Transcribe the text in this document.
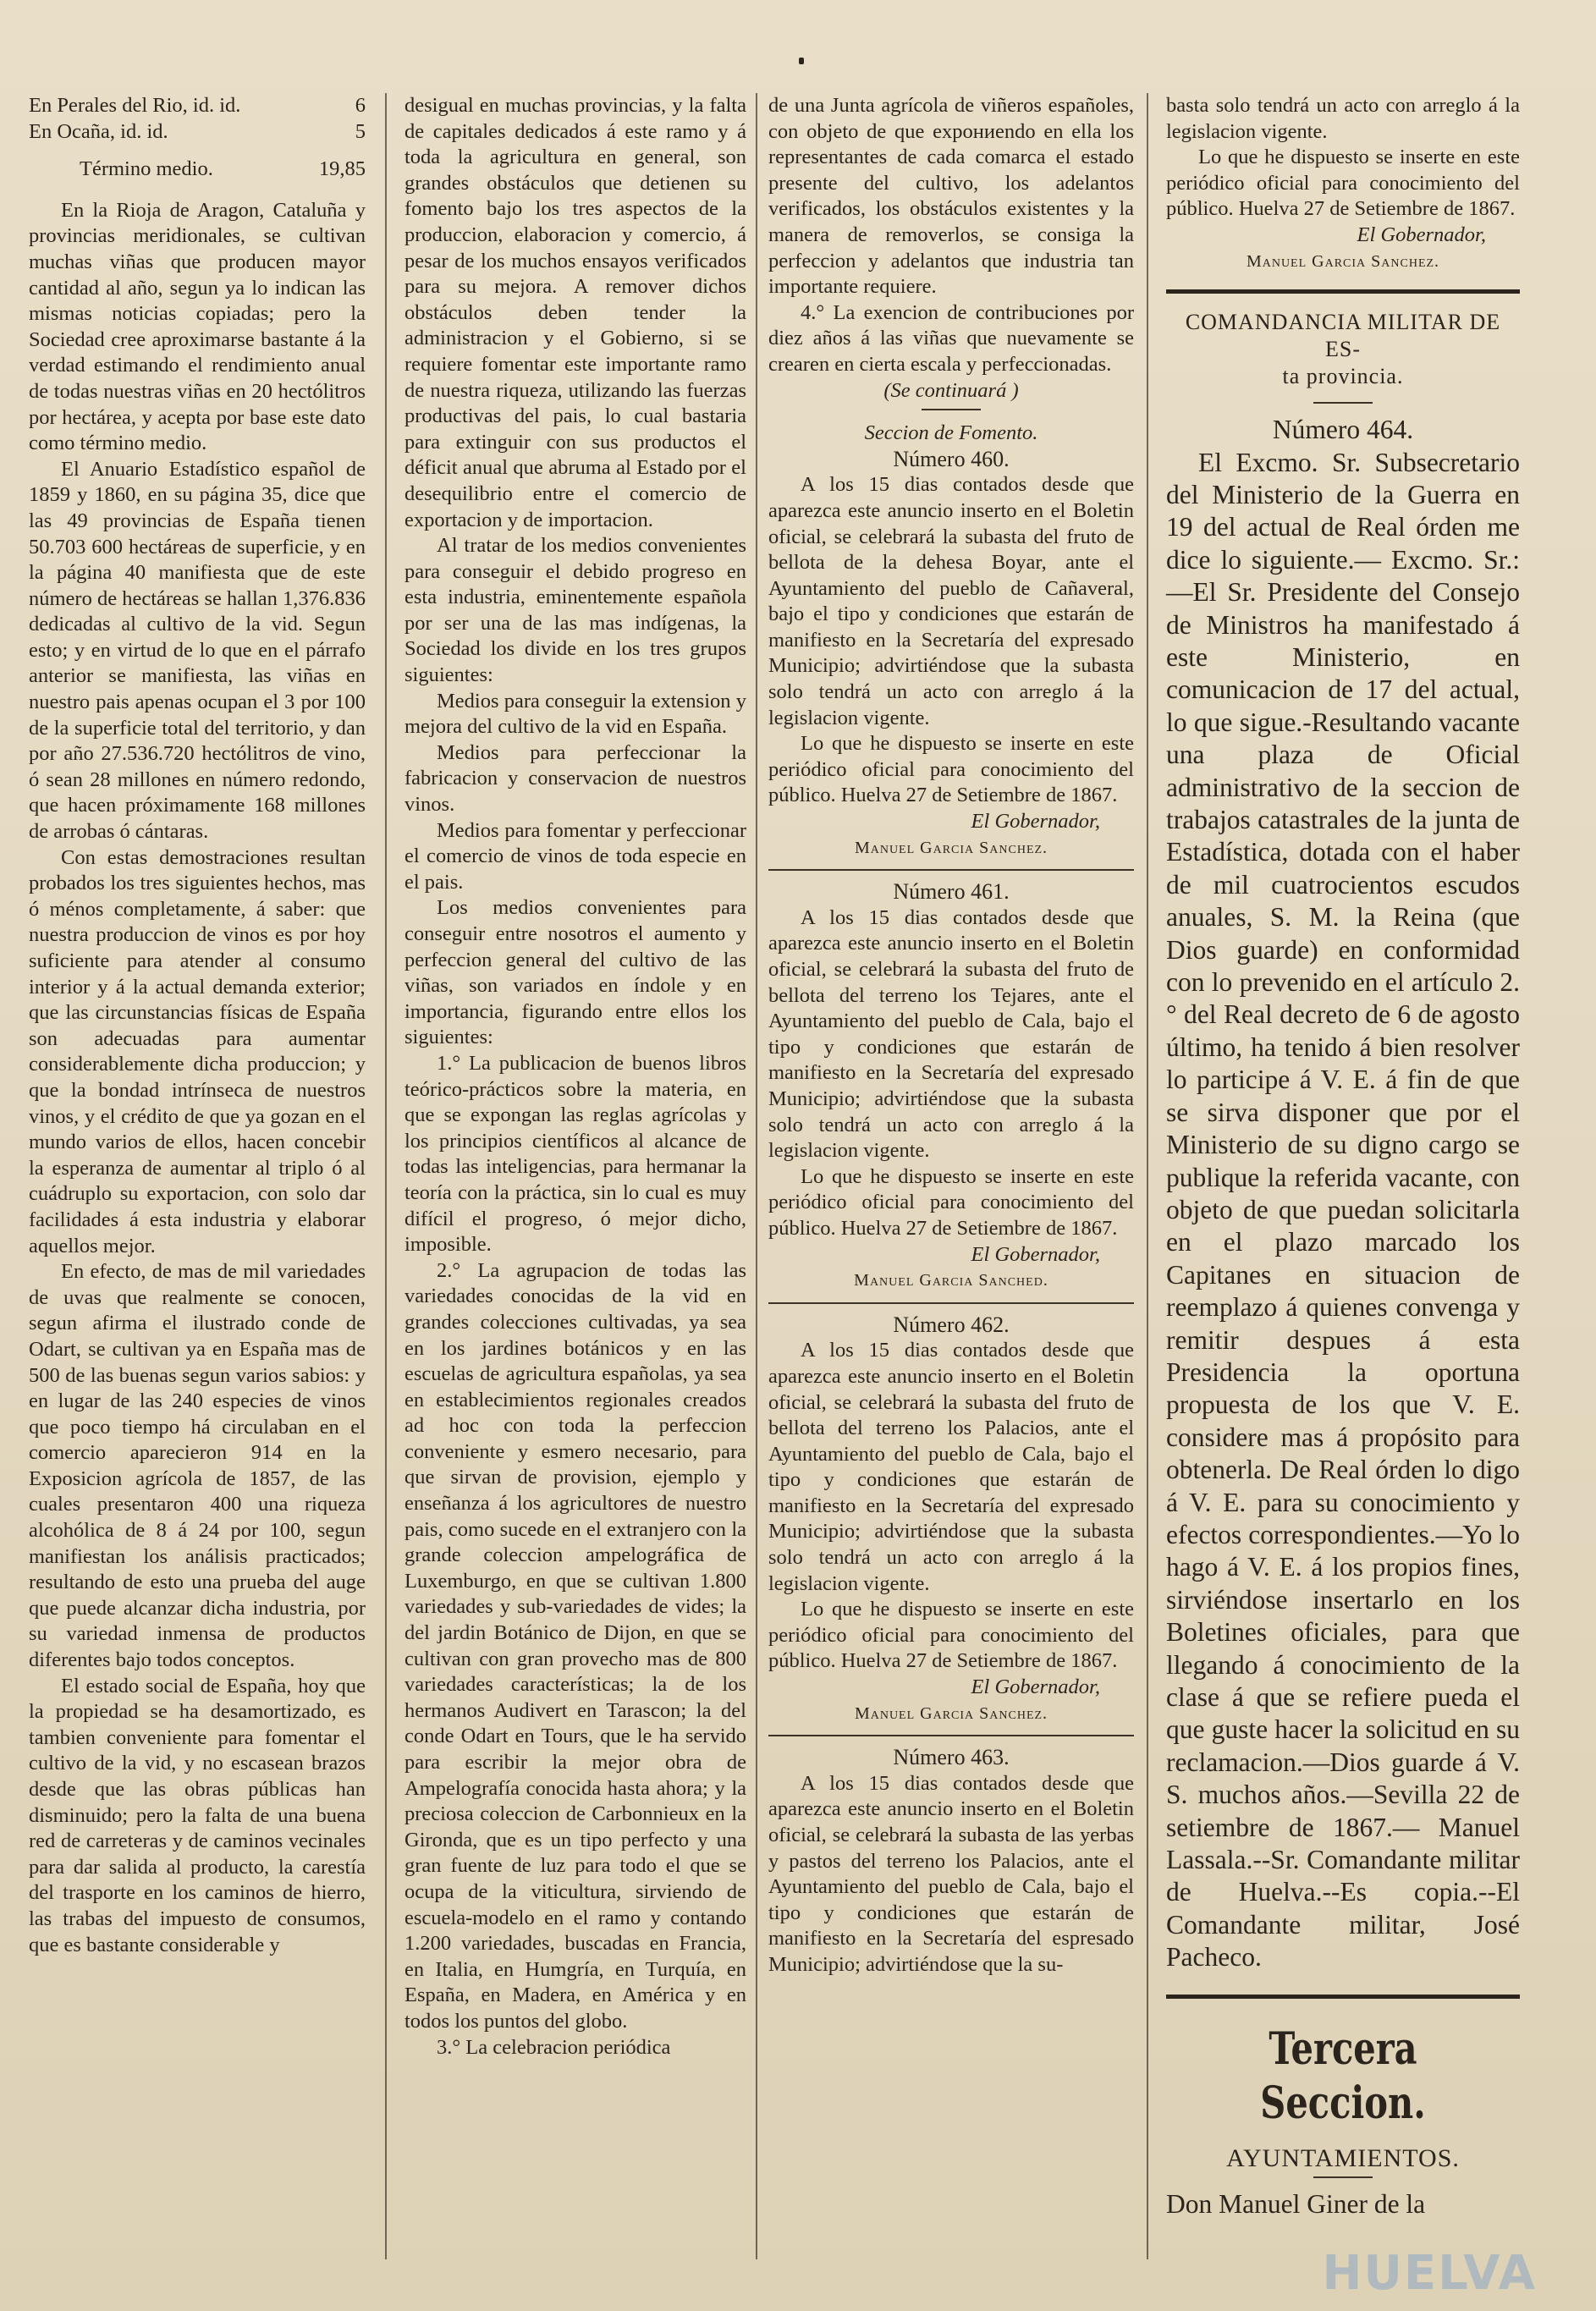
En Perales del Rio, id. id.	6
En Ocaña, id. id.	5
Término medio.	19,85

En la Rioja de Aragon, Cataluña y provincias meridionales, se cultivan muchas viñas que producen mayor cantidad al año, segun ya lo indican las mismas noticias copiadas; pero la Sociedad cree aproximarse bastante á la verdad estimando el rendimiento anual de todas nuestras viñas en 20 hectólitros por hectárea, y acepta por base este dato como término medio.

El Anuario Estadístico español de 1859 y 1860, en su página 35, dice que las 49 provincias de España tienen 50.703 600 hectáreas de superficie, y en la página 40 manifiesta que de este número de hectáreas se hallan 1,376.836 dedicadas al cultivo de la vid. Segun esto; y en virtud de lo que en el párrafo anterior se manifiesta, las viñas en nuestro pais apenas ocupan el 3 por 100 de la superficie total del territorio, y dan por año 27.536.720 hectólitros de vino, ó sean 28 millones en número redondo, que hacen próximamente 168 millones de arrobas ó cántaras.

Con estas demostraciones resultan probados los tres siguientes hechos, mas ó ménos completamente, á saber: que nuestra produccion de vinos es por hoy suficiente para atender al consumo interior y á la actual demanda exterior; que las circunstancias físicas de España son adecuadas para aumentar considerablemente dicha produccion; y que la bondad intrínseca de nuestros vinos, y el crédito de que ya gozan en el mundo varios de ellos, hacen concebir la esperanza de aumentar al triplo ó al cuádruplo su exportacion, con solo dar facilidades á esta industria y elaborar aquellos mejor.

En efecto, de mas de mil variedades de uvas que realmente se conocen, segun afirma el ilustrado conde de Odart, se cultivan ya en España mas de 500 de las buenas segun varios sabios: y en lugar de las 240 especies de vinos que poco tiempo há circulaban en el comercio aparecieron 914 en la Exposicion agrícola de 1857, de las cuales presentaron 400 una riqueza alcohólica de 8 á 24 por 100, segun manifiestan los análisis practicados; resultando de esto una prueba del auge que puede alcanzar dicha industria, por su variedad inmensa de productos diferentes bajo todos conceptos.

El estado social de España, hoy que la propiedad se ha desamortizado, es tambien conveniente para fomentar el cultivo de la vid, y no escasean brazos desde que las obras públicas han disminuido; pero la falta de una buena red de carreteras y de caminos vecinales para dar salida al producto, la carestía del trasporte en los caminos de hierro, las trabas del impuesto de consumos, que es bastante considerable y

desigual en muchas provincias, y la falta de capitales dedicados á este ramo y á toda la agricultura en general, son grandes obstáculos que detienen su fomento bajo los tres aspectos de la produccion, elaboracion y comercio, á pesar de los muchos ensayos verificados para su mejora. A remover dichos obstáculos deben tender la administracion y el Gobierno, si se requiere fomentar este importante ramo de nuestra riqueza, utilizando las fuerzas productivas del pais, lo cual bastaria para extinguir con sus productos el déficit anual que abruma al Estado por el desequilibrio entre el comercio de exportacion y de importacion.

Al tratar de los medios convenientes para conseguir el debido progreso en esta industria, eminentemente española por ser una de las mas indígenas, la Sociedad los divide en los tres grupos siguientes:

Medios para conseguir la extension y mejora del cultivo de la vid en España.

Medios para perfeccionar la fabricacion y conservacion de nuestros vinos.

Medios para fomentar y perfeccionar el comercio de vinos de toda especie en el pais.

Los medios convenientes para conseguir entre nosotros el aumento y perfeccion general del cultivo de las viñas, son variados en índole y en importancia, figurando entre ellos los siguientes:

1.° La publicacion de buenos libros teórico-prácticos sobre la materia, en que se expongan las reglas agrícolas y los principios científicos al alcance de todas las inteligencias, para hermanar la teoría con la práctica, sin lo cual es muy difícil el progreso, ó mejor dicho, imposible.

2.° La agrupacion de todas las variedades conocidas de la vid en grandes colecciones cultivadas, ya sea en los jardines botánicos y en las escuelas de agricultura españolas, ya sea en establecimientos regionales creados ad hoc con toda la perfeccion conveniente y esmero necesario, para que sirvan de provision, ejemplo y enseñanza á los agricultores de nuestro pais, como sucede en el extranjero con la grande coleccion ampelográfica de Luxemburgo, en que se cultivan 1.800 variedades y sub-variedades de vides; la del jardin Botánico de Dijon, en que se cultivan con gran provecho mas de 800 variedades características; la de los hermanos Audivert en Tarascon; la del conde Odart en Tours, que le ha servido para escribir la mejor obra de Ampelografía conocida hasta ahora; y la preciosa coleccion de Carbonnieux en la Gironda, que es un tipo perfecto y una gran fuente de luz para todo el que se ocupa de la viticultura, sirviendo de escuela-modelo en el ramo y contando 1.200 variedades, buscadas en Francia, en Italia, en Humgría, en Turquía, en España, en Madera, en América y en todos los puntos del globo.

3.° La celebracion periódica

de una Junta agrícola de viñeros españoles, con objeto de que expониendo en ella los representantes de cada comarca el estado presente del cultivo, los adelantos verificados, los obstáculos existentes y la manera de removerlos, se consiga la perfeccion y adelantos que industria tan importante requiere.

4.° La exencion de contribuciones por diez años á las viñas que nuevamente se crearen en cierta escala y perfeccionadas.

(Se continuará )

Seccion de Fomento.

Número 460.

A los 15 dias contados desde que aparezca este anuncio inserto en el Boletin oficial, se celebrará la subasta del fruto de bellota de la dehesa Boyar, ante el Ayuntamiento del pueblo de Cañaveral, bajo el tipo y condiciones que estarán de manifiesto en la Secretaría del expresado Municipio; advirtiéndose que la subasta solo tendrá un acto con arreglo á la legislacion vigente.

Lo que he dispuesto se inserte en este periódico oficial para conocimiento del público. Huelva 27 de Setiembre de 1867.

El Gobernador,

Manuel Garcia Sanchez.

Número 461.

A los 15 dias contados desde que aparezca este anuncio inserto en el Boletin oficial, se celebrará la subasta del fruto de bellota del terreno los Tejares, ante el Ayuntamiento del pueblo de Cala, bajo el tipo y condiciones que estarán de manifiesto en la Secretaría del expresado Municipio; advirtiéndose que la subasta solo tendrá un acto con arreglo á la legislacion vigente.

Lo que he dispuesto se inserte en este periódico oficial para conocimiento del público. Huelva 27 de Setiembre de 1867.

El Gobernador,

Manuel Garcia Sanched.

Número 462.

A los 15 dias contados desde que aparezca este anuncio inserto en el Boletin oficial, se celebrará la subasta del fruto de bellota del terreno los Palacios, ante el Ayuntamiento del pueblo de Cala, bajo el tipo y condiciones que estarán de manifiesto en la Secretaría del expresado Municipio; advirtiéndose que la subasta solo tendrá un acto con arreglo á la legislacion vigente.

Lo que he dispuesto se inserte en este periódico oficial para conocimiento del público. Huelva 27 de Setiembre de 1867.

El Gobernador,

Manuel Garcia Sanchez.

Número 463.

A los 15 dias contados desde que aparezca este anuncio inserto en el Boletin oficial, se celebrará la subasta de las yerbas y pastos del terreno los Palacios, ante el Ayuntamiento del pueblo de Cala, bajo el tipo y condiciones que estarán de manifiesto en la Secretaría del espresado Municipio; advirtiéndose que la su-

basta solo tendrá un acto con arreglo á la legislacion vigente.

Lo que he dispuesto se inserte en este periódico oficial para conocimiento del público. Huelva 27 de Setiembre de 1867.

El Gobernador,

Manuel Garcia Sanchez.

COMANDANCIA MILITAR DE ES-

ta provincia.

Número 464.

El Excmo. Sr. Subsecretario del Ministerio de la Guerra en 19 del actual de Real órden me dice lo siguiente.— Excmo. Sr.:—El Sr. Presidente del Consejo de Ministros ha manifestado á este Ministerio, en comunicacion de 17 del actual, lo que sigue.-Resultando vacante una plaza de Oficial administrativo de la seccion de trabajos catastrales de la junta de Estadística, dotada con el haber de mil cuatrocientos escudos anuales, S. M. la Reina (que Dios guarde) en conformidad con lo prevenido en el artículo 2.° del Real decreto de 6 de agosto último, ha tenido á bien resolver lo participe á V. E. á fin de que se sirva disponer que por el Ministerio de su digno cargo se publique la referida vacante, con objeto de que puedan solicitarla en el plazo marcado los Capitanes en situacion de reemplazo á quienes convenga y remitir despues á esta Presidencia la oportuna propuesta de los que V. E. considere mas á propósito para obtenerla. De Real órden lo digo á V. E. para su conocimiento y efectos correspondientes.—Yo lo hago á V. E. á los propios fines, sirviéndose insertarlo en los Boletines oficiales, para que llegando á conocimiento de la clase á que se refiere pueda el que guste hacer la solicitud en su reclamacion.—Dios guarde á V. S. muchos años.—Sevilla 22 de setiembre de 1867.— Manuel Lassala.--Sr. Comandante militar de Huelva.--Es copia.--El Comandante militar, José Pacheco.

Tercera Seccion.

AYUNTAMIENTOS.

Don Manuel Giner de la

HUELVA
